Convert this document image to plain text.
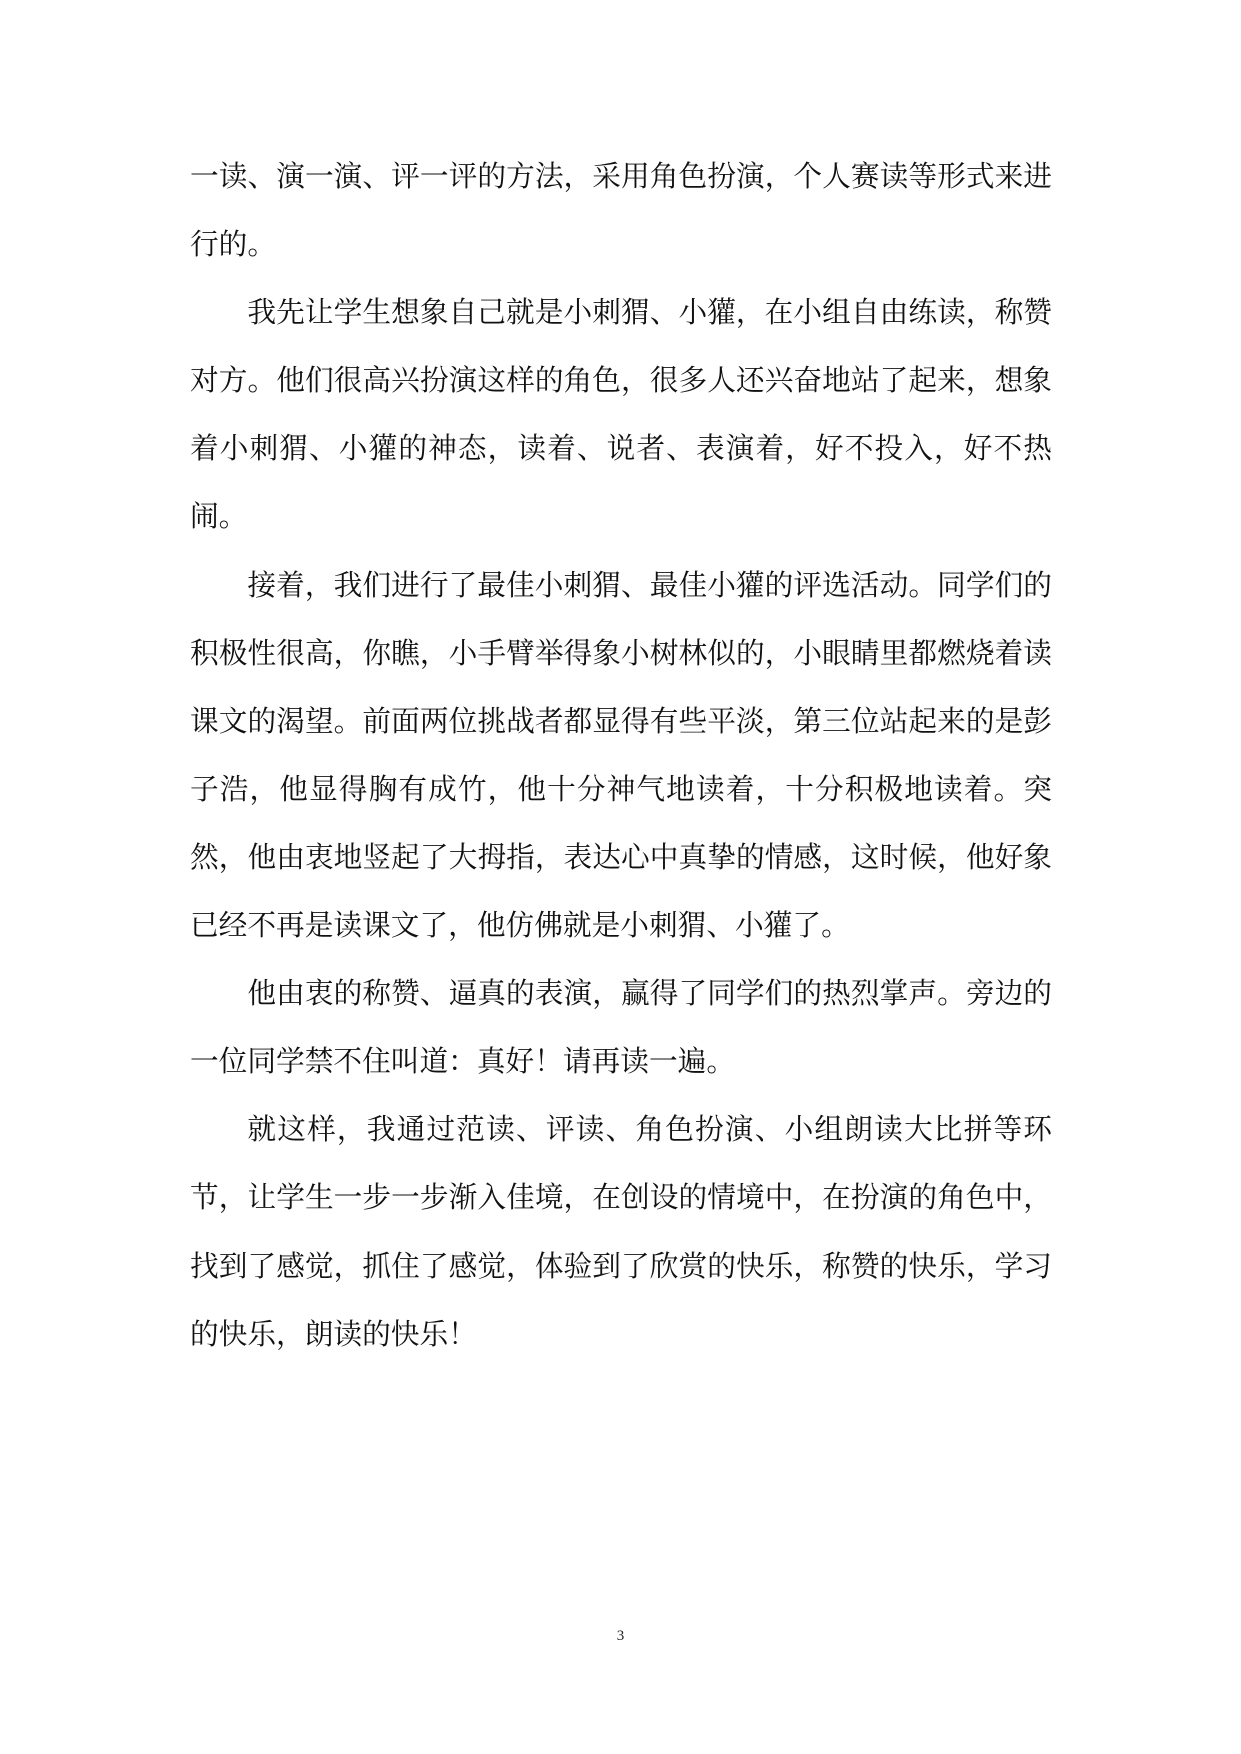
一读、演一演、评一评的方法，采用角色扮演，个人赛读等形式来进行的。

我先让学生想象自己就是小刺猬、小獾，在小组自由练读，称赞对方。他们很高兴扮演这样的角色，很多人还兴奋地站了起来，想象着小刺猬、小獾的神态，读着、说者、表演着，好不投入，好不热闹。

接着，我们进行了最佳小刺猬、最佳小獾的评选活动。同学们的积极性很高，你瞧，小手臂举得象小树林似的，小眼睛里都燃烧着读课文的渴望。前面两位挑战者都显得有些平淡，第三位站起来的是彭子浩，他显得胸有成竹，他十分神气地读着，十分积极地读着。突然，他由衷地竖起了大拇指，表达心中真挚的情感，这时候，他好象已经不再是读课文了，他仿佛就是小刺猬、小獾了。

他由衷的称赞、逼真的表演，赢得了同学们的热烈掌声。旁边的一位同学禁不住叫道：真好！请再读一遍。

就这样，我通过范读、评读、角色扮演、小组朗读大比拼等环节，让学生一步一步渐入佳境，在创设的情境中，在扮演的角色中，找到了感觉，抓住了感觉，体验到了欣赏的快乐，称赞的快乐，学习的快乐，朗读的快乐！

3
